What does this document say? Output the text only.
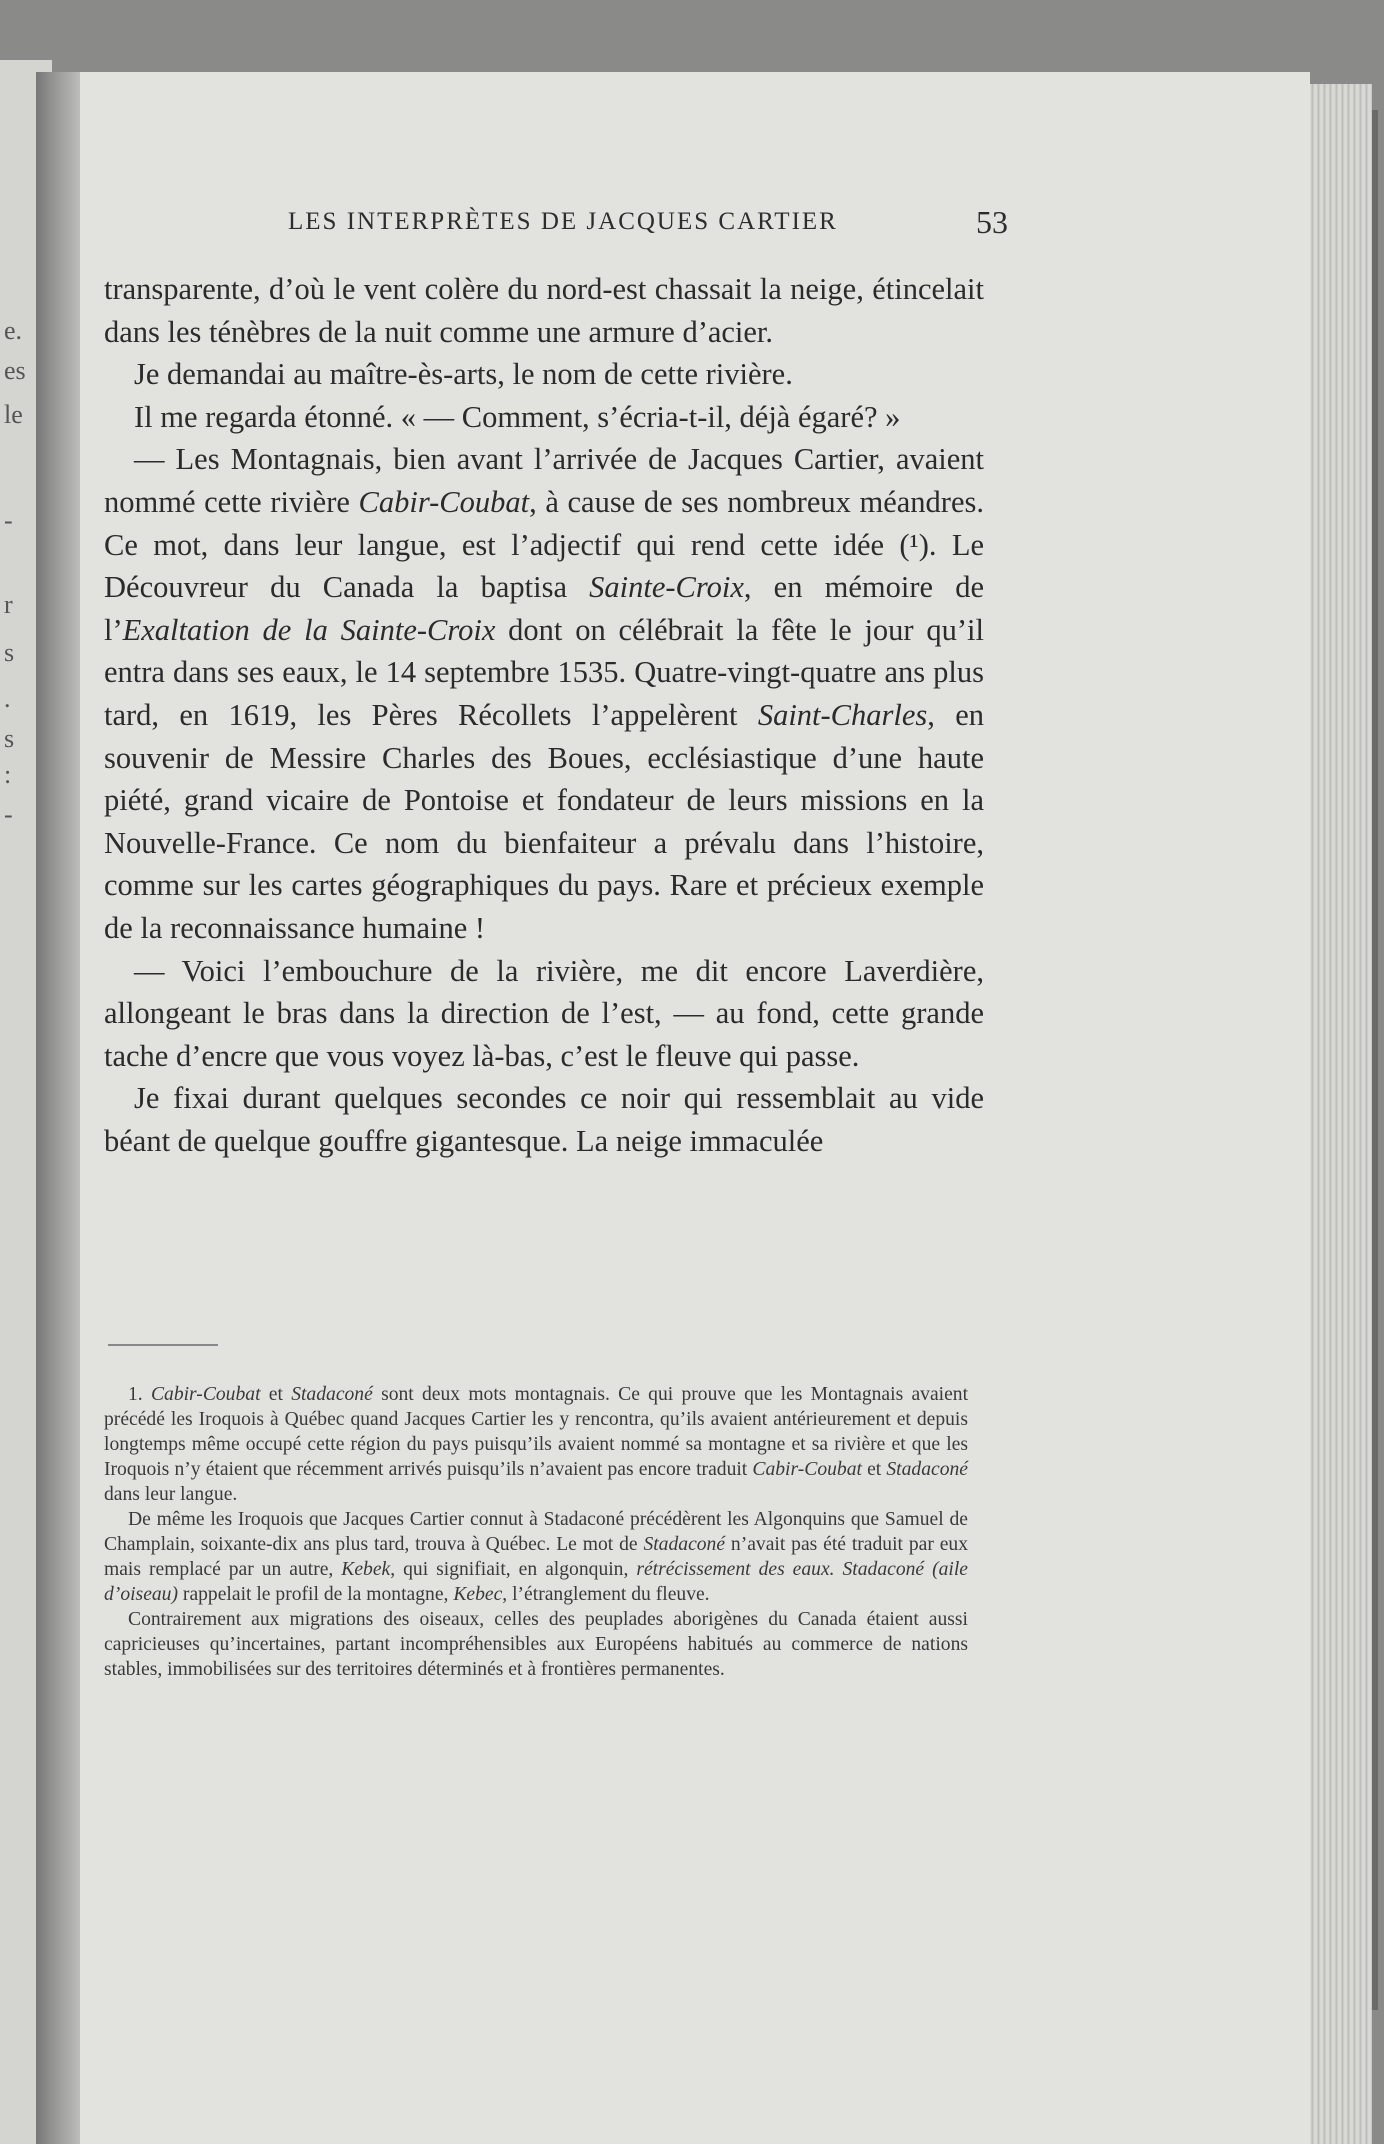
e.
es
le
-
r
s
.
s
:
-
LES INTERPRÈTES DE JACQUES CARTIER	53

transparente, d’où le vent colère du nord-est chassait la neige, étincelait dans les ténèbres de la nuit comme une armure d’acier.

Je demandai au maître-ès-arts, le nom de cette rivière.

Il me regarda étonné. « — Comment, s’écria-t-il, déjà égaré? »

— Les Montagnais, bien avant l’arrivée de Jacques Cartier, avaient nommé cette rivière Cabir-Coubat, à cause de ses nombreux méandres. Ce mot, dans leur langue, est l’adjectif qui rend cette idée (¹). Le Découvreur du Canada la baptisa Sainte-Croix, en mémoire de l’Exaltation de la Sainte-Croix dont on célébrait la fête le jour qu’il entra dans ses eaux, le 14 septembre 1535. Quatre-vingt-quatre ans plus tard, en 1619, les Pères Récollets l’appelèrent Saint-Charles, en souvenir de Messire Charles des Boues, ecclésiastique d’une haute piété, grand vicaire de Pontoise et fondateur de leurs missions en la Nouvelle-France. Ce nom du bienfaiteur a prévalu dans l’histoire, comme sur les cartes géographiques du pays. Rare et précieux exemple de la reconnaissance humaine !

— Voici l’embouchure de la rivière, me dit encore Laverdière, allongeant le bras dans la direction de l’est, — au fond, cette grande tache d’encre que vous voyez là-bas, c’est le fleuve qui passe.

Je fixai durant quelques secondes ce noir qui ressemblait au vide béant de quelque gouffre gigantesque. La neige immaculée

1. Cabir-Coubat et Stadaconé sont deux mots montagnais. Ce qui prouve que les Montagnais avaient précédé les Iroquois à Québec quand Jacques Cartier les y rencontra, qu’ils avaient antérieurement et depuis longtemps même occupé cette région du pays puisqu’ils avaient nommé sa montagne et sa rivière et que les Iroquois n’y étaient que récemment arrivés puisqu’ils n’avaient pas encore traduit Cabir-Coubat et Stadaconé dans leur langue.

De même les Iroquois que Jacques Cartier connut à Stadaconé précédèrent les Algonquins que Samuel de Champlain, soixante-dix ans plus tard, trouva à Québec. Le mot de Stadaconé n’avait pas été traduit par eux mais remplacé par un autre, Kebek, qui signifiait, en algonquin, rétrécissement des eaux. Stadaconé (aile d’oiseau) rappelait le profil de la montagne, Kebec, l’étranglement du fleuve.

Contrairement aux migrations des oiseaux, celles des peuplades aborigènes du Canada étaient aussi capricieuses qu’incertaines, partant incompréhensibles aux Européens habitués au commerce de nations stables, immobilisées sur des territoires déterminés et à frontières permanentes.
